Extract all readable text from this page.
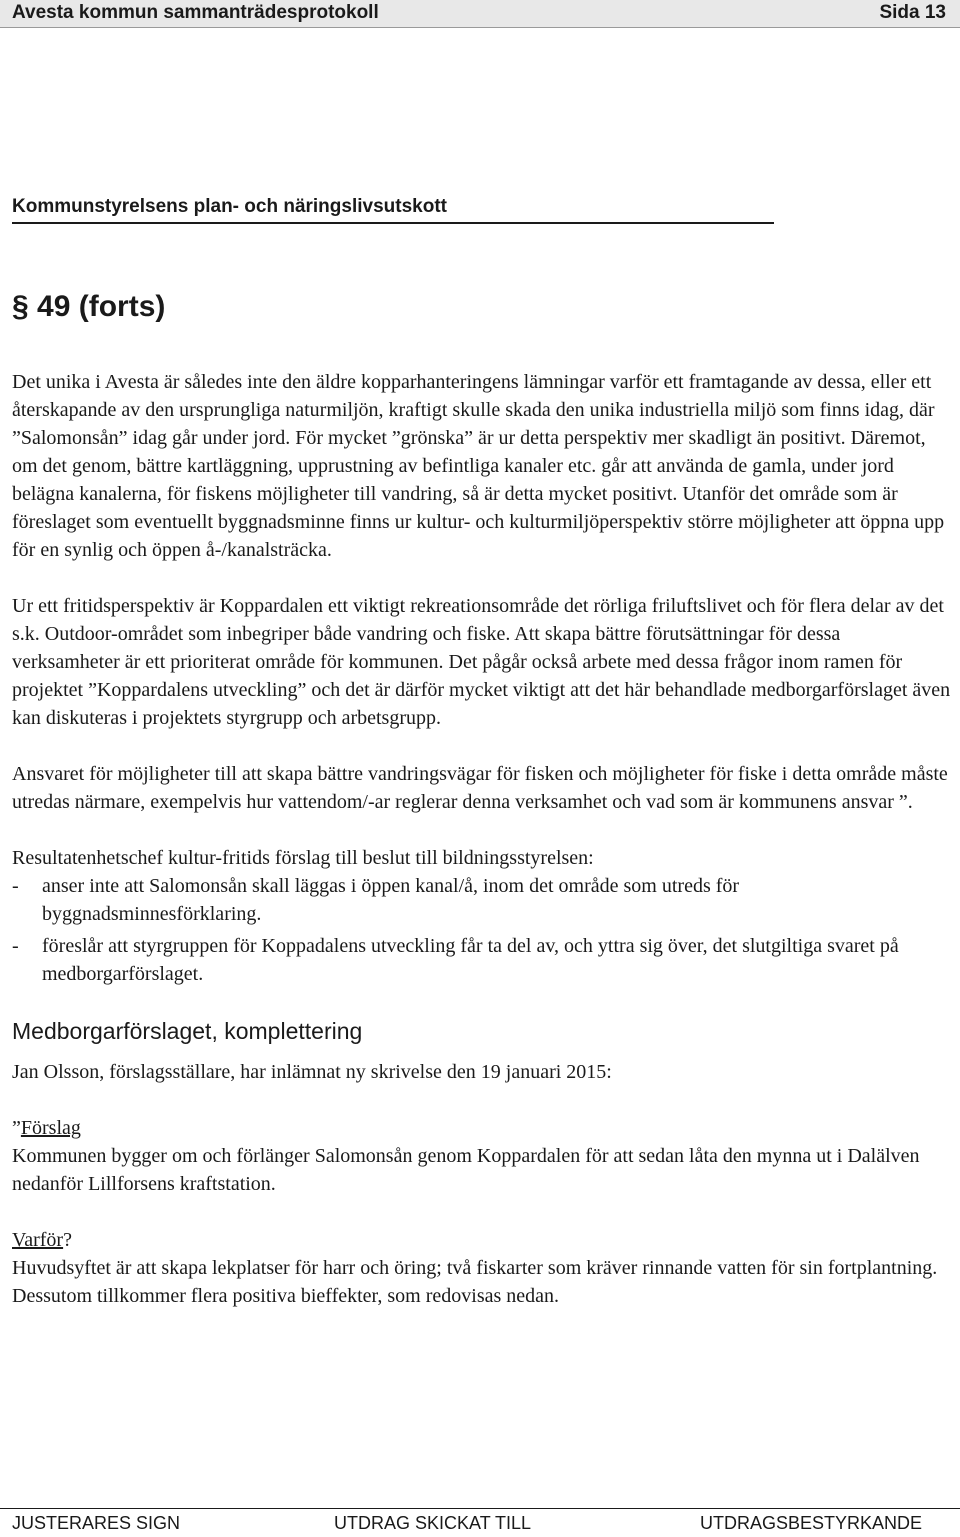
Avesta kommun sammanträdesprotokoll	Sida 13
Kommunstyrelsens plan- och näringslivsutskott
§ 49 (forts)

Det unika i Avesta är således inte den äldre kopparhanteringens lämningar varför ett framtagande av dessa, eller ett återskapande av den ursprungliga naturmiljön, kraftigt skulle skada den unika industriella miljö som finns idag, där ”Salomonsån” idag går under jord. För mycket ”grönska” är ur detta perspektiv mer skadligt än positivt. Däremot, om det genom, bättre kartläggning, upprustning av befintliga kanaler etc. går att använda de gamla, under jord belägna kanalerna, för fiskens möjligheter till vandring, så är detta mycket positivt. Utanför det område som är föreslaget som eventuellt byggnadsminne finns ur kultur- och kulturmiljöperspektiv större möjligheter att öppna upp för en synlig och öppen å-/kanalsträcka.

Ur ett fritidsperspektiv är Koppardalen ett viktigt rekreationsområde det rörliga friluftslivet och för flera delar av det s.k. Outdoor-området som inbegriper både vandring och fiske. Att skapa bättre förutsättningar för dessa verksamheter är ett prioriterat område för kommunen. Det pågår också arbete med dessa frågor inom ramen för projektet ”Koppardalens utveckling” och det är därför mycket viktigt att det här behandlade medborgarförslaget även kan diskuteras i projektets styrgrupp och arbetsgrupp.

Ansvaret för möjligheter till att skapa bättre vandringsvägar för fisken och möjligheter för fiske i detta område måste utredas närmare, exempelvis hur vattendom/-ar reglerar denna verksamhet och vad som är kommunens ansvar ”.

Resultatenhetschef kultur-fritids förslag till beslut till bildningsstyrelsen:

- anser inte att Salomonsån skall läggas i öppen kanal/å, inom det område som utreds för byggnadsminnesförklaring.
- föreslår att styrgruppen för Koppadalens utveckling får ta del av, och yttra sig över, det slutgiltiga svaret på medborgarförslaget.
Medborgarförslaget, komplettering

Jan Olsson, förslagsställare, har inlämnat ny skrivelse den 19 januari 2015:

”Förslag

Kommunen bygger om och förlänger Salomonsån genom Koppardalen för att sedan låta den mynna ut i Dalälven nedanför Lillforsens kraftstation.

Varför?

Huvudsyftet är att skapa lekplatser för harr och öring; två fiskarter som kräver rinnande vatten för sin fortplantning. Dessutom tillkommer flera positiva bieffekter, som redovisas nedan.

JUSTERARES SIGN	UTDRAG SKICKAT TILL	UTDRAGSBESTYRKANDE
